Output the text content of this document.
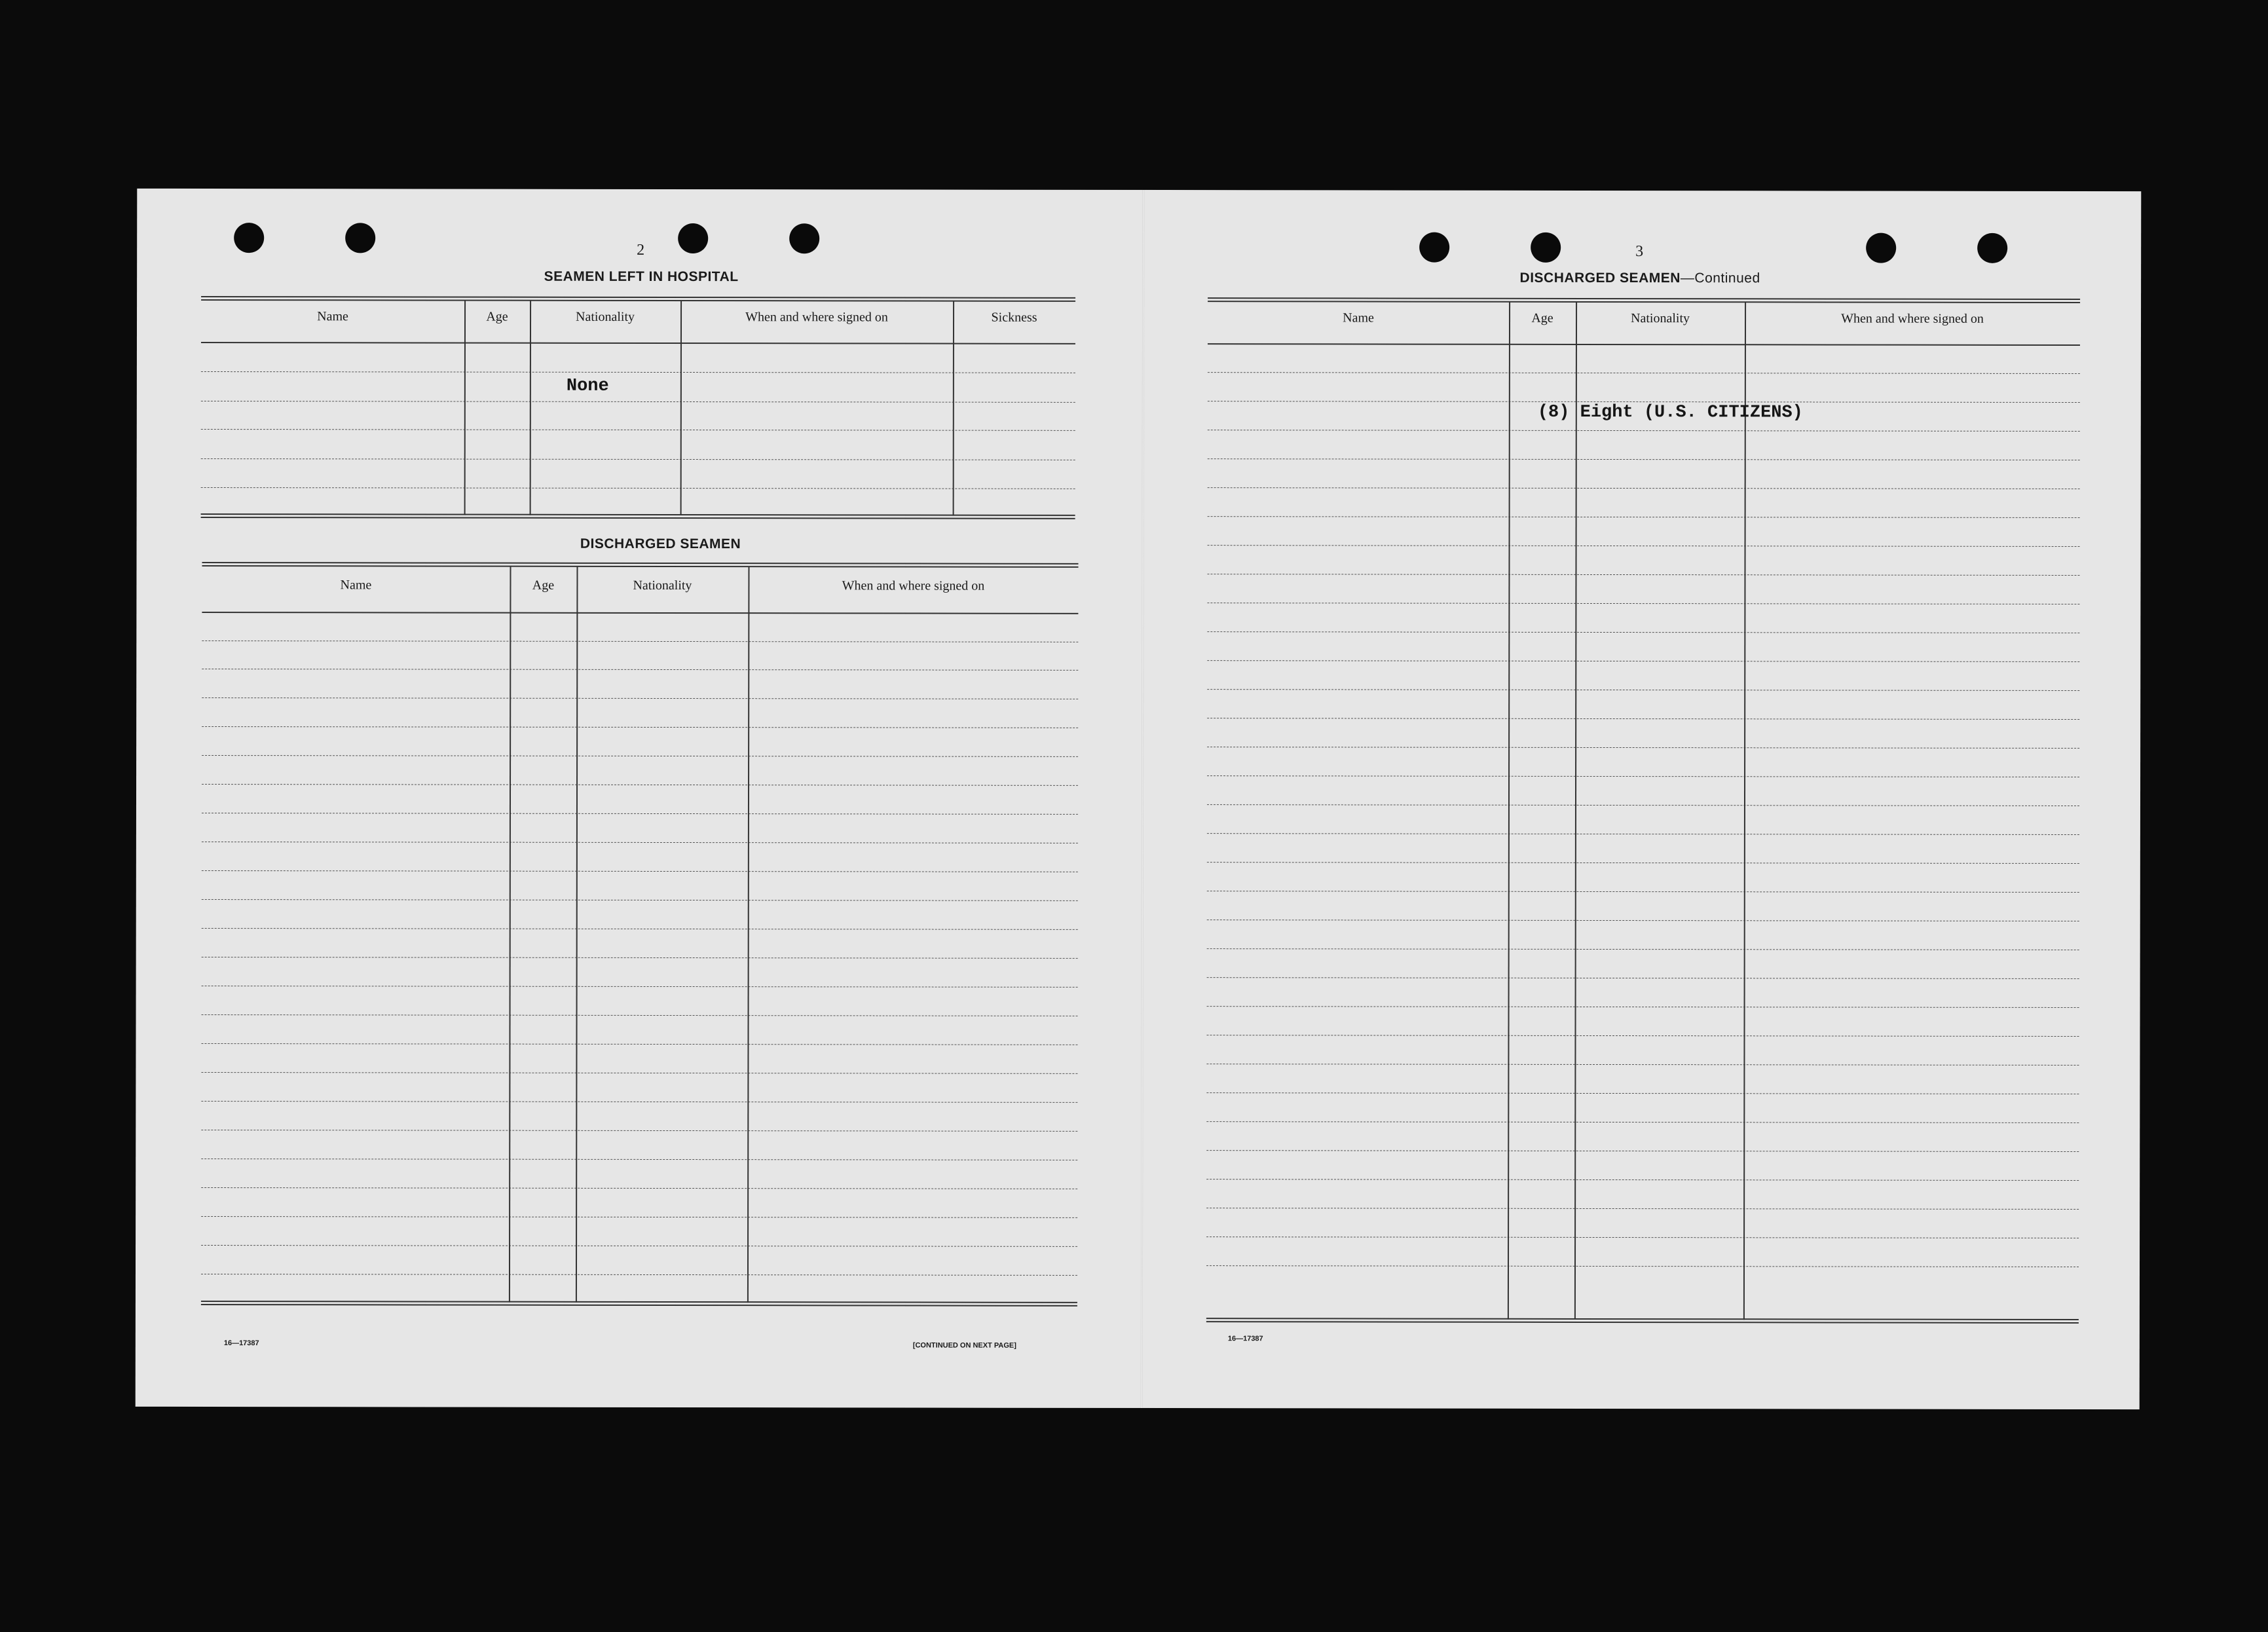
2
SEAMEN LEFT IN HOSPITAL
Name	Age	Nationality	When and where signed on	Sickness
None
DISCHARGED SEAMEN
Name	Age	Nationality	When and where signed on
16—17387	[CONTINUED ON NEXT PAGE]
3
DISCHARGED SEAMEN—Continued
Name	Age	Nationality	When and where signed on
(8) Eight (U.S. CITIZENS)
16—17387
